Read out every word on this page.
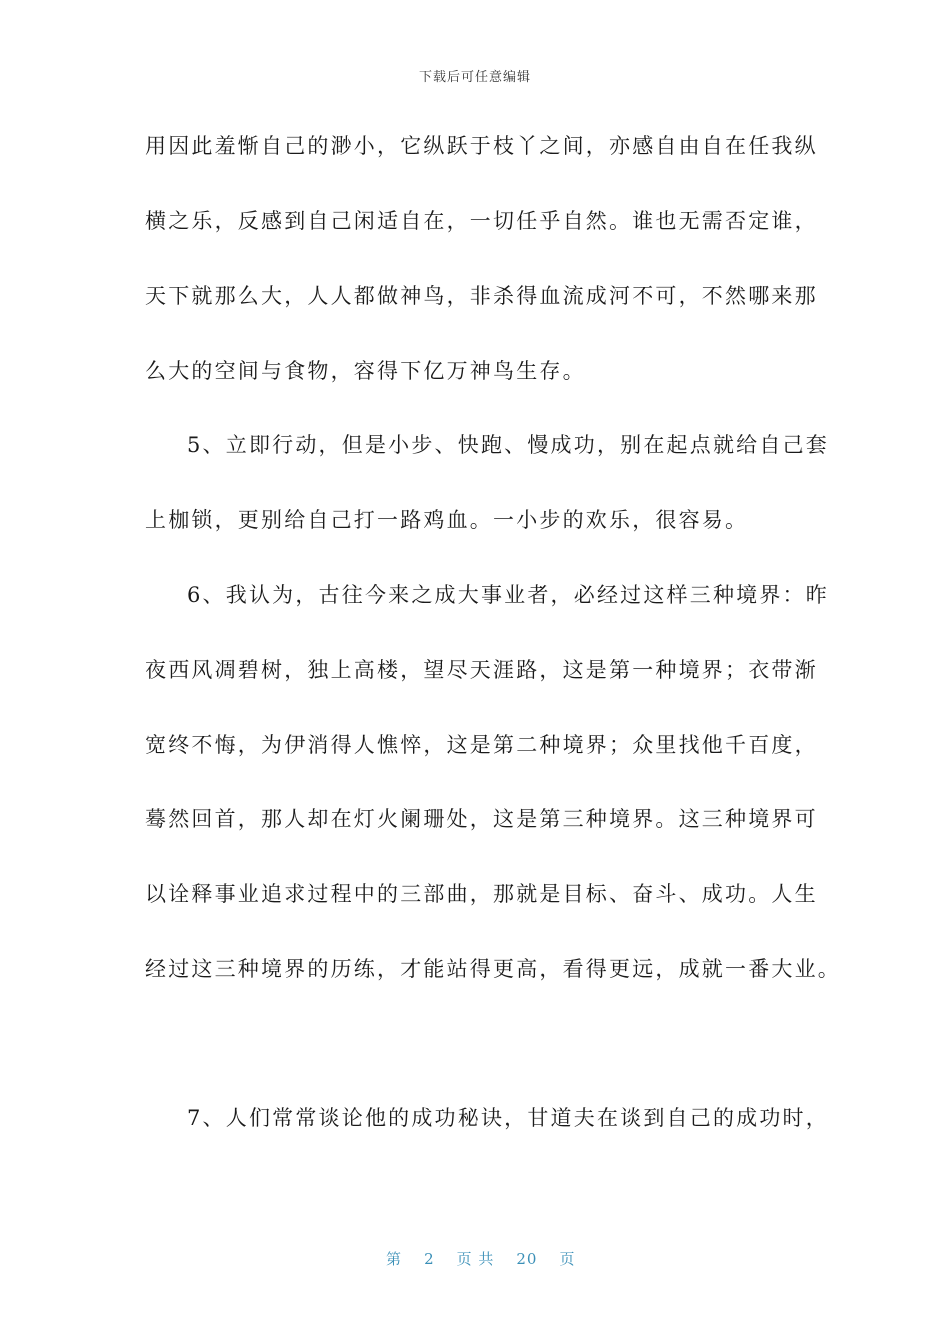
下载后可任意编辑
用因此羞惭自己的渺小，它纵跃于枝丫之间，亦感自由自在任我纵
横之乐，反感到自己闲适自在，一切任乎自然。谁也无需否定谁，
天下就那么大，人人都做神鸟，非杀得血流成河不可，不然哪来那
么大的空间与食物，容得下亿万神鸟生存。
5、立即行动，但是小步、快跑、慢成功，别在起点就给自己套
上枷锁，更别给自己打一路鸡血。一小步的欢乐，很容易。
6、我认为，古往今来之成大事业者，必经过这样三种境界：昨
夜西风凋碧树，独上高楼，望尽天涯路，这是第一种境界；衣带渐
宽终不悔，为伊消得人憔悴，这是第二种境界；众里找他千百度，
蓦然回首，那人却在灯火阑珊处，这是第三种境界。这三种境界可
以诠释事业追求过程中的三部曲，那就是目标、奋斗、成功。人生
经过这三种境界的历练，才能站得更高，看得更远，成就一番大业。
7、人们常常谈论他的成功秘诀，甘道夫在谈到自己的成功时，

第 2 页 共 20 页
